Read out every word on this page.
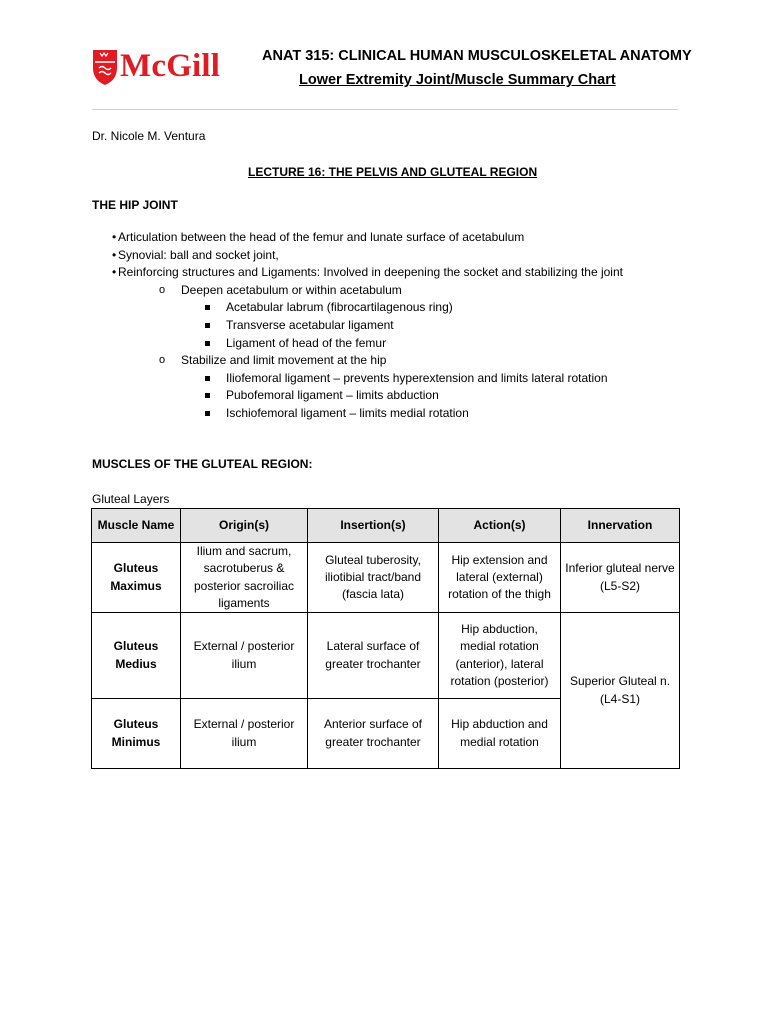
McGill	ANAT 315: CLINICAL HUMAN MUSCULOSKELETAL ANATOMY
Lower Extremity Joint/Muscle Summary Chart
Dr. Nicole M. Ventura
LECTURE 16: THE PELVIS AND GLUTEAL REGION
THE HIP JOINT
• Articulation between the head of the femur and lunate surface of acetabulum
• Synovial: ball and socket joint,
• Reinforcing structures and Ligaments: Involved in deepening the socket and stabilizing the joint
o Deepen acetabulum or within acetabulum
Acetabular labrum (fibrocartilagenous ring)
Transverse acetabular ligament
Ligament of head of the femur
o Stabilize and limit movement at the hip
Iliofemoral ligament – prevents hyperextension and limits lateral rotation
Pubofemoral ligament – limits abduction
Ischiofemoral ligament – limits medial rotation
MUSCLES OF THE GLUTEAL REGION:
Gluteal Layers
Muscle Name	Origin(s)	Insertion(s)	Action(s)	Innervation
Gluteus Maximus	Ilium and sacrum, sacrotuberus & posterior sacroiliac ligaments	Gluteal tuberosity, iliotibial tract/band (fascia lata)	Hip extension and lateral (external) rotation of the thigh	Inferior gluteal nerve (L5-S2)
Gluteus Medius	External / posterior ilium	Lateral surface of greater trochanter	Hip abduction, medial rotation (anterior), lateral rotation (posterior)	Superior Gluteal n. (L4-S1)
Gluteus Minimus	External / posterior ilium	Anterior surface of greater trochanter	Hip abduction and medial rotation	
